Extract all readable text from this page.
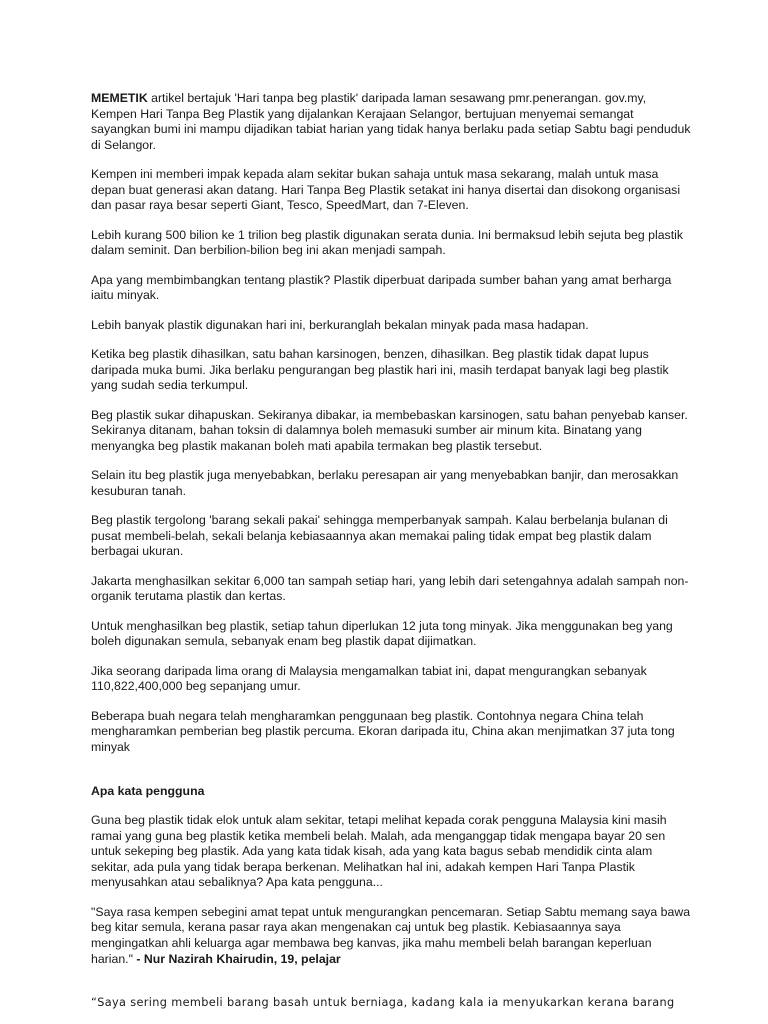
MEMETIK artikel bertajuk 'Hari tanpa beg plastik' daripada laman sesawang pmr.penerangan. gov.my, Kempen Hari Tanpa Beg Plastik yang dijalankan Kerajaan Selangor, bertujuan menyemai semangat sayangkan bumi ini mampu dijadikan tabiat harian yang tidak hanya berlaku pada setiap Sabtu bagi penduduk di Selangor.

Kempen ini memberi impak kepada alam sekitar bukan sahaja untuk masa sekarang, malah untuk masa depan buat generasi akan datang. Hari Tanpa Beg Plastik setakat ini hanya disertai dan disokong organisasi dan pasar raya besar seperti Giant, Tesco, SpeedMart, dan 7-Eleven.

Lebih kurang 500 bilion ke 1 trilion beg plastik digunakan serata dunia. Ini bermaksud lebih sejuta beg plastik dalam seminit. Dan berbilion-bilion beg ini akan menjadi sampah.

Apa yang membimbangkan tentang plastik? Plastik diperbuat daripada sumber bahan yang amat berharga iaitu minyak.

Lebih banyak plastik digunakan hari ini, berkuranglah bekalan minyak pada masa hadapan.

Ketika beg plastik dihasilkan, satu bahan karsinogen, benzen, dihasilkan. Beg plastik tidak dapat lupus daripada muka bumi. Jika berlaku pengurangan beg plastik hari ini, masih terdapat banyak lagi beg plastik yang sudah sedia terkumpul.

Beg plastik sukar dihapuskan. Sekiranya dibakar, ia membebaskan karsinogen, satu bahan penyebab kanser. Sekiranya ditanam, bahan toksin di dalamnya boleh memasuki sumber air minum kita. Binatang yang menyangka beg plastik makanan boleh mati apabila termakan beg plastik tersebut.

Selain itu beg plastik juga menyebabkan, berlaku peresapan air yang menyebabkan banjir, dan merosakkan kesuburan tanah.

Beg plastik tergolong 'barang sekali pakai' sehingga memperbanyak sampah. Kalau berbelanja bulanan di pusat membeli-belah, sekali belanja kebiasaannya akan memakai paling tidak empat beg plastik dalam berbagai ukuran.

Jakarta menghasilkan sekitar 6,000 tan sampah setiap hari, yang lebih dari setengahnya adalah sampah non-organik terutama plastik dan kertas.

Untuk menghasilkan beg plastik, setiap tahun diperlukan 12 juta tong minyak. Jika menggunakan beg yang boleh digunakan semula, sebanyak enam beg plastik dapat dijimatkan.

Jika seorang daripada lima orang di Malaysia mengamalkan tabiat ini, dapat mengurangkan sebanyak 110,822,400,000 beg sepanjang umur.

Beberapa buah negara telah mengharamkan penggunaan beg plastik. Contohnya negara China telah mengharamkan pemberian beg plastik percuma. Ekoran daripada itu, China akan menjimatkan 37 juta tong minyak

Apa kata pengguna

Guna beg plastik tidak elok untuk alam sekitar, tetapi melihat kepada corak pengguna Malaysia kini masih ramai yang guna beg plastik ketika membeli belah. Malah, ada menganggap tidak mengapa bayar 20 sen untuk sekeping beg plastik. Ada yang kata tidak kisah, ada yang kata bagus sebab mendidik cinta alam sekitar, ada pula yang tidak berapa berkenan. Melihatkan hal ini, adakah kempen Hari Tanpa Plastik menyusahkan atau sebaliknya? Apa kata pengguna...

"Saya rasa kempen sebegini amat tepat untuk mengurangkan pencemaran. Setiap Sabtu memang saya bawa beg kitar semula, kerana pasar raya akan mengenakan caj untuk beg plastik. Kebiasaannya saya mengingatkan ahli keluarga agar membawa beg kanvas, jika mahu membeli belah barangan keperluan harian." - Nur Nazirah Khairudin, 19, pelajar

“Saya sering membeli barang basah untuk berniaga, kadang kala ia menyukarkan kerana barang
